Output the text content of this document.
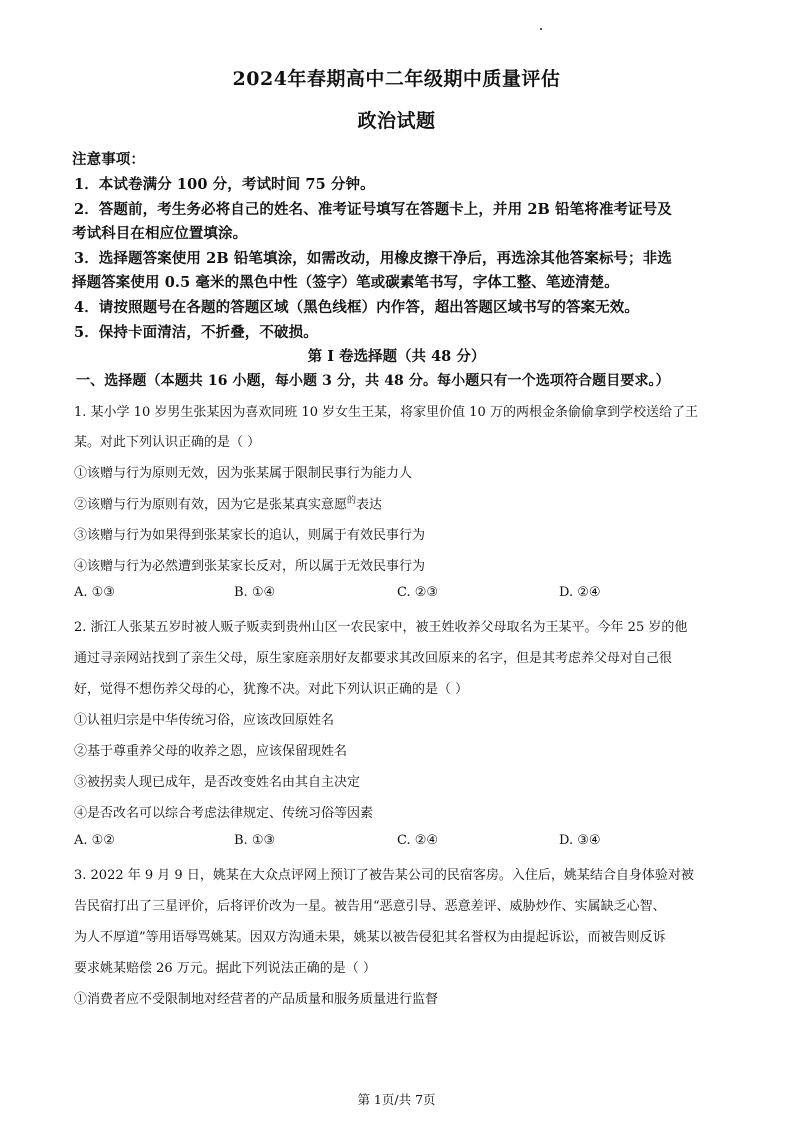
2024年春期高中二年级期中质量评估
政治试题
注意事项：
1．本试卷满分 100 分，考试时间 75 分钟。
2．答题前，考生务必将自己的姓名、准考证号填写在答题卡上，并用 2B 铅笔将准考证号及
考试科目在相应位置填涂。
3．选择题答案使用 2B 铅笔填涂，如需改动，用橡皮擦干净后，再选涂其他答案标号；非选
择题答案使用 0.5 毫米的黑色中性（签字）笔或碳素笔书写，字体工整、笔迹清楚。
4．请按照题号在各题的答题区域（黑色线框）内作答，超出答题区域书写的答案无效。
5．保持卡面清洁，不折叠，不破损。
第 I 卷选择题（共 48 分）
一、选择题（本题共 16 小题，每小题 3 分，共 48 分。每小题只有一个选项符合题目要求。）
1. 某小学 10 岁男生张某因为喜欢同班 10 岁女生王某，将家里价值 10 万的两根金条偷偷拿到学校送给了王
某。对此下列认识正确的是（ ）
①该赠与行为原则无效，因为张某属于限制民事行为能力人
②该赠与行为原则有效，因为它是张某真实意愿$^的$表达
③该赠与行为如果得到张某家长的追认，则属于有效民事行为
④该赠与行为必然遭到张某家长反对，所以属于无效民事行为
A. ①③	B. ①④	C. ②③	D. ②④
2. 浙江人张某五岁时被人贩子贩卖到贵州山区一农民家中，被王姓收养父母取名为王某平。今年 25 岁的他
通过寻亲网站找到了亲生父母，原生家庭亲朋好友都要求其改回原来的名字，但是其考虑养父母对自己很
好，觉得不想伤养父母的心，犹豫不决。对此下列认识正确的是（ ）
①认祖归宗是中华传统习俗，应该改回原姓名
②基于尊重养父母的收养之恩，应该保留现姓名
③被拐卖人现已成年，是否改变姓名由其自主决定
④是否改名可以综合考虑法律规定、传统习俗等因素
A. ①②	B. ①③	C. ②④	D. ③④
3. 2022 年 9 月 9 日，姚某在大众点评网上预订了被告某公司的民宿客房。入住后，姚某结合自身体验对被
告民宿打出了三星评价，后将评价改为一星。被告用“恶意引导、恶意差评、威胁炒作、实属缺乏心智、
为人不厚道”等用语辱骂姚某。因双方沟通未果，姚某以被告侵犯其名誉权为由提起诉讼，而被告则反诉
要求姚某赔偿 26 万元。据此下列说法正确的是（ ）
①消费者应不受限制地对经营者的产品质量和服务质量进行监督
第 1页/共 7页
